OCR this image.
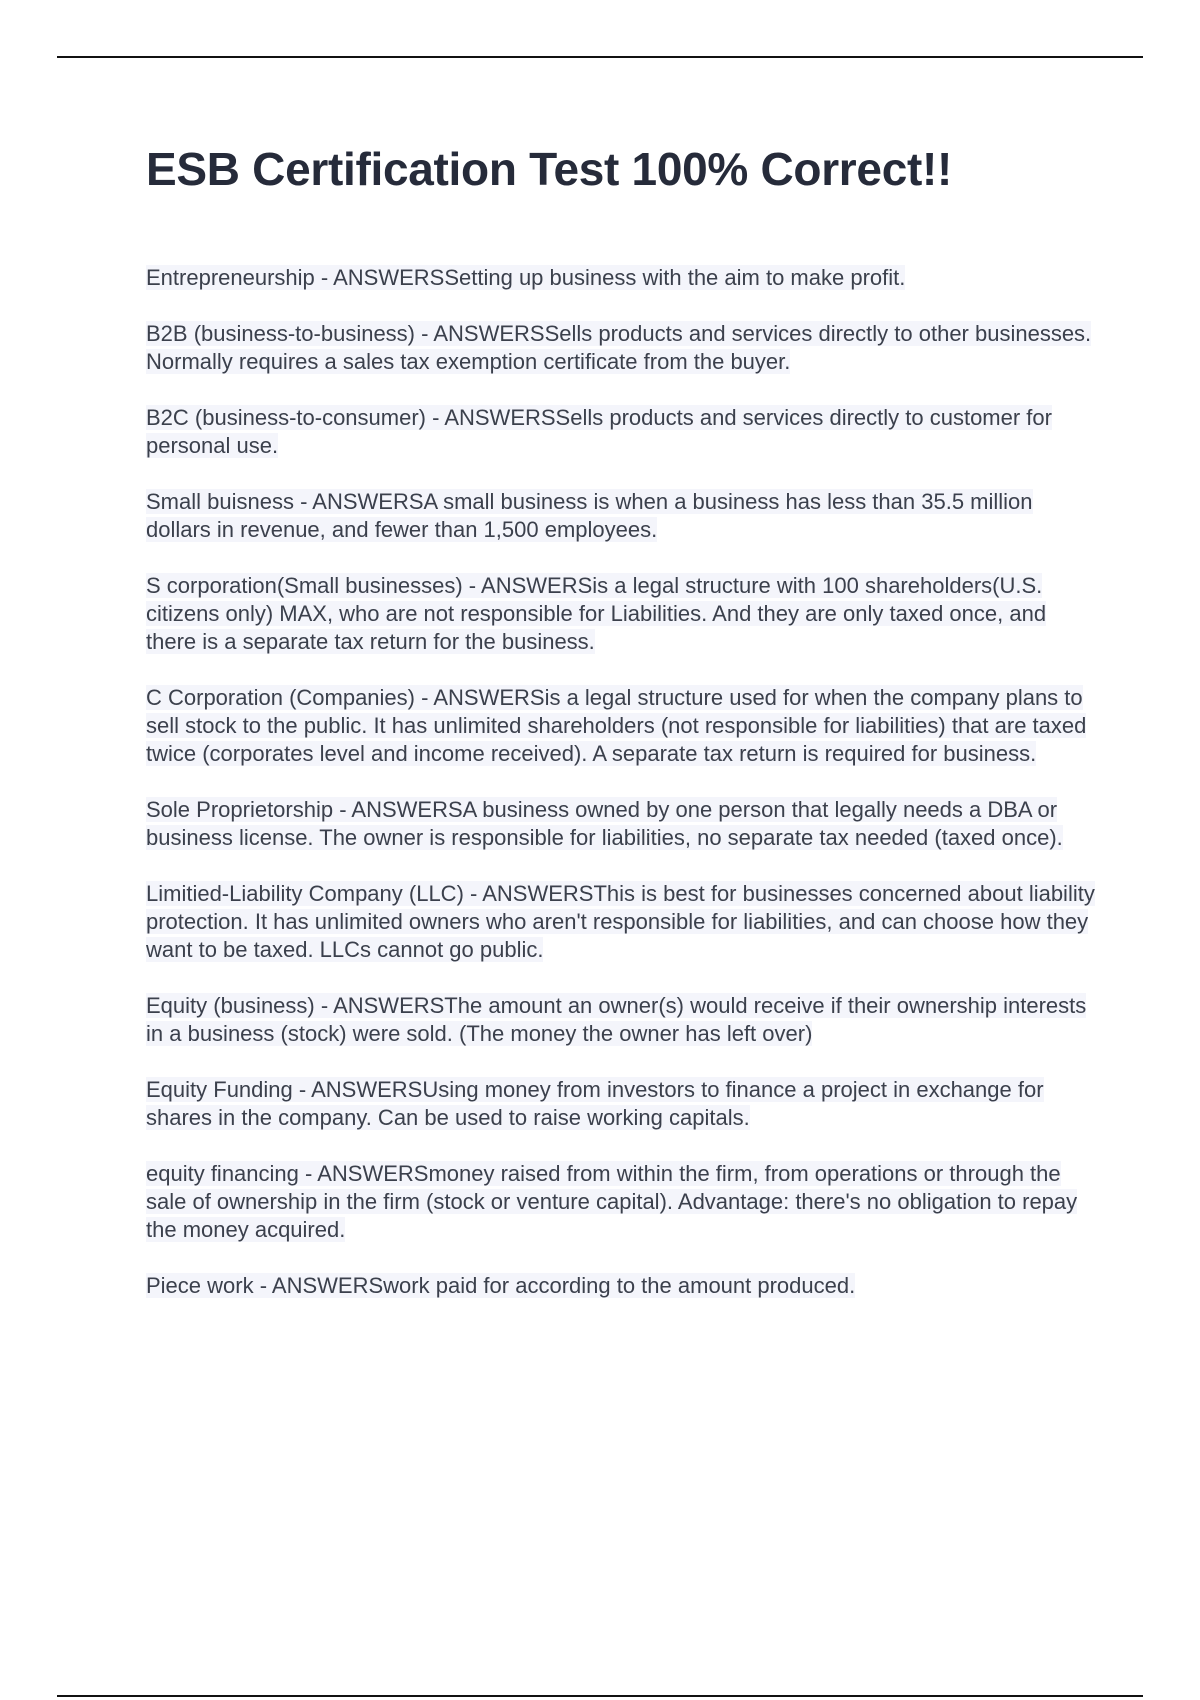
ESB Certification Test 100% Correct!!
Entrepreneurship - ANSWERSSetting up business with the aim to make profit.
B2B (business-to-business) - ANSWERSSells products and services directly to other businesses. Normally requires a sales tax exemption certificate from the buyer.
B2C (business-to-consumer) - ANSWERSSells products and services directly to customer for personal use.
Small buisness - ANSWERSA small business is when a business has less than 35.5 million dollars in revenue, and fewer than 1,500 employees.
S corporation(Small businesses) - ANSWERSis a legal structure with 100 shareholders(U.S. citizens only) MAX, who are not responsible for Liabilities. And they are only taxed once, and there is a separate tax return for the business.
C Corporation (Companies) - ANSWERSis a legal structure used for when the company plans to sell stock to the public. It has unlimited shareholders (not responsible for liabilities) that are taxed twice (corporates level and income received). A separate tax return is required for business.
Sole Proprietorship - ANSWERSA business owned by one person that legally needs a DBA or business license. The owner is responsible for liabilities, no separate tax needed (taxed once).
Limitied-Liability Company (LLC) - ANSWERSThis is best for businesses concerned about liability protection. It has unlimited owners who aren't responsible for liabilities, and can choose how they want to be taxed. LLCs cannot go public.
Equity (business) - ANSWERSThe amount an owner(s) would receive if their ownership interests in a business (stock) were sold. (The money the owner has left over)
Equity Funding - ANSWERSUsing money from investors to finance a project in exchange for shares in the company. Can be used to raise working capitals.
equity financing - ANSWERSmoney raised from within the firm, from operations or through the sale of ownership in the firm (stock or venture capital). Advantage: there's no obligation to repay the money acquired.
Piece work - ANSWERSwork paid for according to the amount produced.
